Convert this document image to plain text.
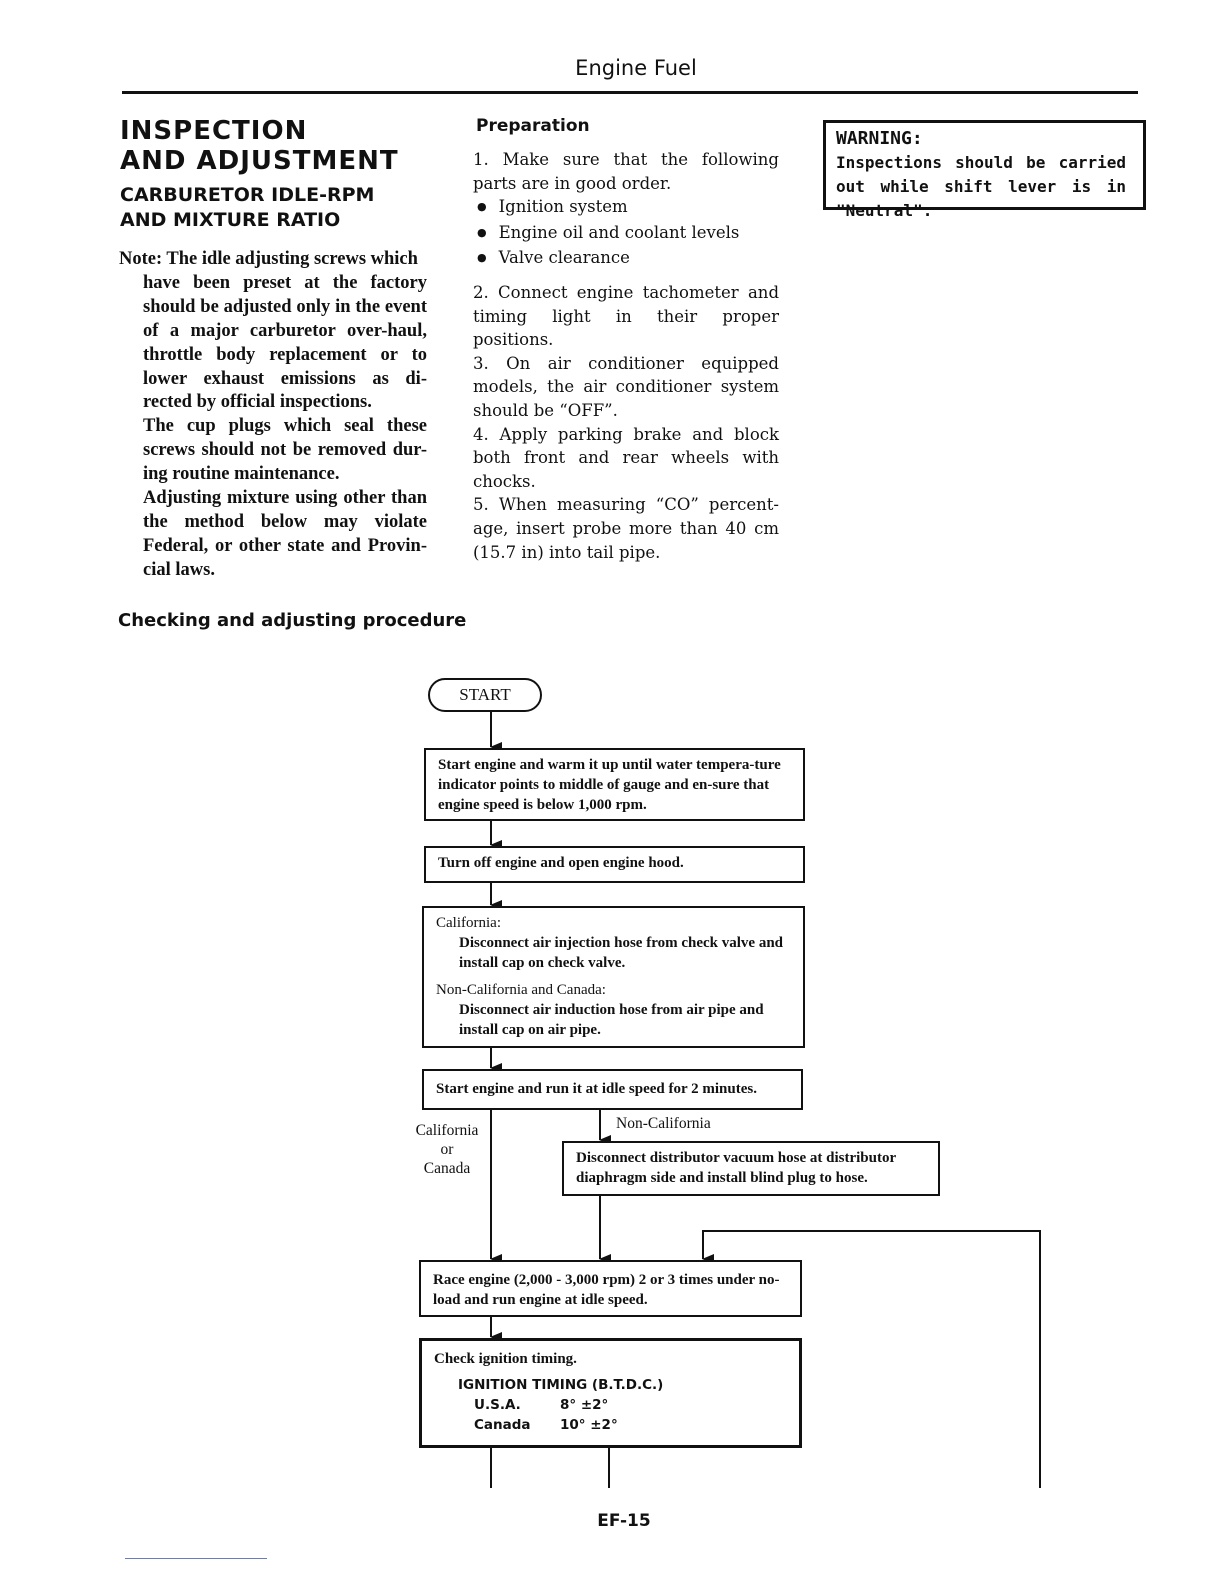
Engine Fuel
INSPECTION
AND ADJUSTMENT
CARBURETOR IDLE-RPM
AND MIXTURE RATIO

Note: The idle adjusting screws which

have been preset at the factory should be adjusted only in the event of a major carburetor over-haul, throttle body replacement or to lower exhaust emissions as di-rected by official inspections.

The cup plugs which seal these screws should not be removed dur-ing routine maintenance.

Adjusting mixture using other than the method below may violate Federal, or other state and Provin-cial laws.

Preparation

1. Make sure that the following parts are in good order.

● Ignition system

● Engine oil and coolant levels

● Valve clearance

2. Connect engine tachometer and timing light in their proper positions.

3. On air conditioner equipped models, the air conditioner system should be “OFF”.

4. Apply parking brake and block both front and rear wheels with chocks.

5. When measuring “CO” percent-age, insert probe more than 40 cm (15.7 in) into tail pipe.

WARNING:
Inspections should be carried out while shift lever is in "Neutral".
Checking and adjusting procedure
START
Start engine and warm it up until water tempera-ture indicator points to middle of gauge and en-sure that engine speed is below 1,000 rpm.
Turn off engine and open engine hood.
California:
Disconnect air injection hose from check valve and install cap on check valve.
Non-California and Canada:
Disconnect air induction hose from air pipe and install cap on air pipe.
Start engine and run it at idle speed for 2 minutes.
California
or
Canada
Non-California
Disconnect distributor vacuum hose at distributor diaphragm side and install blind plug to hose.
Race engine (2,000 - 3,000 rpm) 2 or 3 times under no-load and run engine at idle speed.
Check ignition timing.
IGNITION TIMING (B.T.D.C.)
U.S.A.	8° ±2°
Canada	10° ±2°
EF-15
